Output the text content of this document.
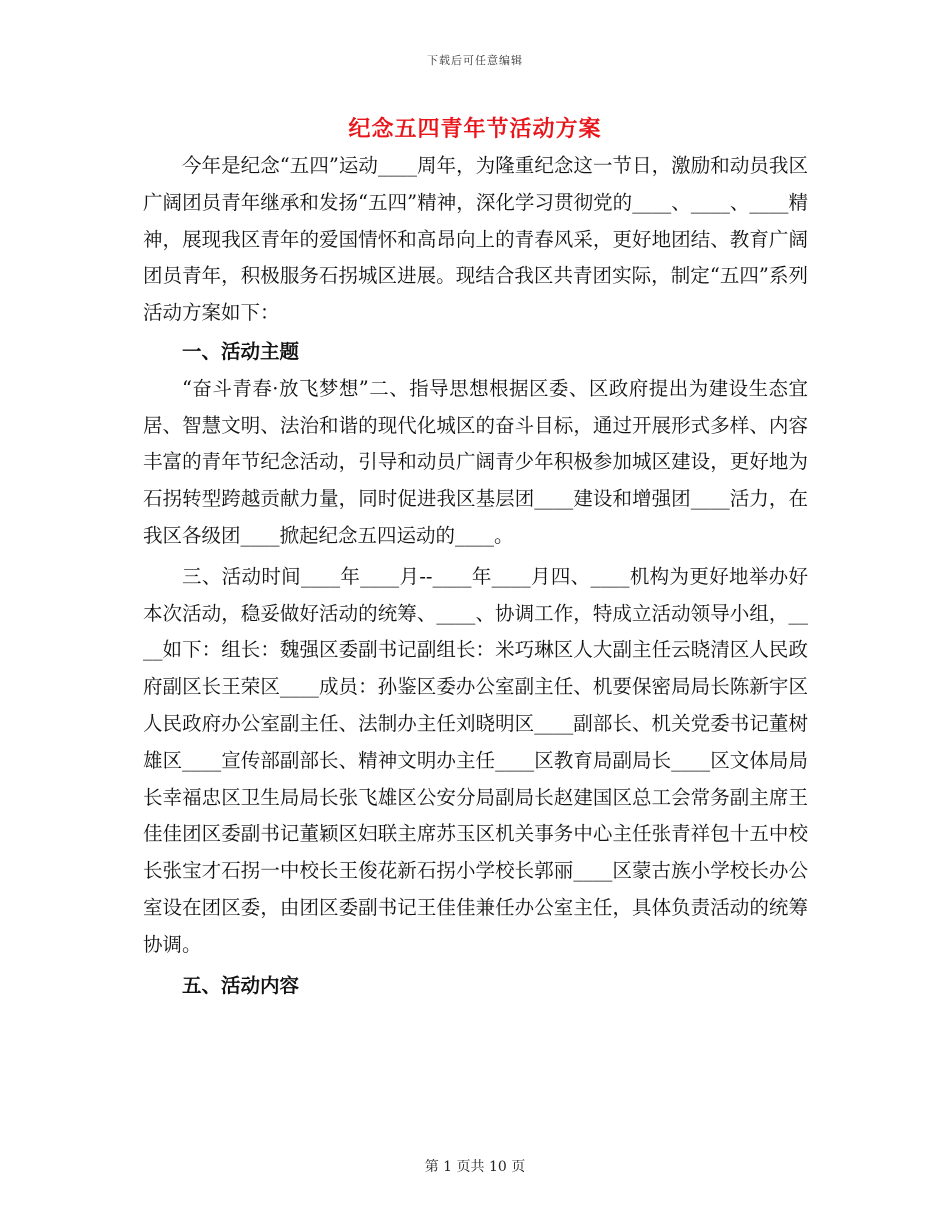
下载后可任意编辑
纪念五四青年节活动方案

今年是纪念“五四”运动____周年，为隆重纪念这一节日，激励和动员我区广阔团员青年继承和发扬“五四”精神，深化学习贯彻党的____、____、____精神，展现我区青年的爱国情怀和高昂向上的青春风采，更好地团结、教育广阔团员青年，积极服务石拐城区进展。现结合我区共青团实际，制定“五四”系列活动方案如下：

一、活动主题

“奋斗青春·放飞梦想”二、指导思想根据区委、区政府提出为建设生态宜居、智慧文明、法治和谐的现代化城区的奋斗目标，通过开展形式多样、内容丰富的青年节纪念活动，引导和动员广阔青少年积极参加城区建设，更好地为石拐转型跨越贡献力量，同时促进我区基层团____建设和增强团____活力，在我区各级团____掀起纪念五四运动的____。

三、活动时间____年____月--____年____月四、____机构为更好地举办好本次活动，稳妥做好活动的统筹、____、协调工作，特成立活动领导小组，____如下：组长：魏强区委副书记副组长：米巧琳区人大副主任云晓清区人民政府副区长王荣区____成员：孙鉴区委办公室副主任、机要保密局局长陈新宇区人民政府办公室副主任、法制办主任刘晓明区____副部长、机关党委书记董树雄区____宣传部副部长、精神文明办主任____区教育局副局长____区文体局局长幸福忠区卫生局局长张飞雄区公安分局副局长赵建国区总工会常务副主席王佳佳团区委副书记董颖区妇联主席苏玉区机关事务中心主任张青祥包十五中校长张宝才石拐一中校长王俊花新石拐小学校长郭丽____区蒙古族小学校长办公室设在团区委，由团区委副书记王佳佳兼任办公室主任，具体负责活动的统筹协调。

五、活动内容

第 1 页共 10 页
